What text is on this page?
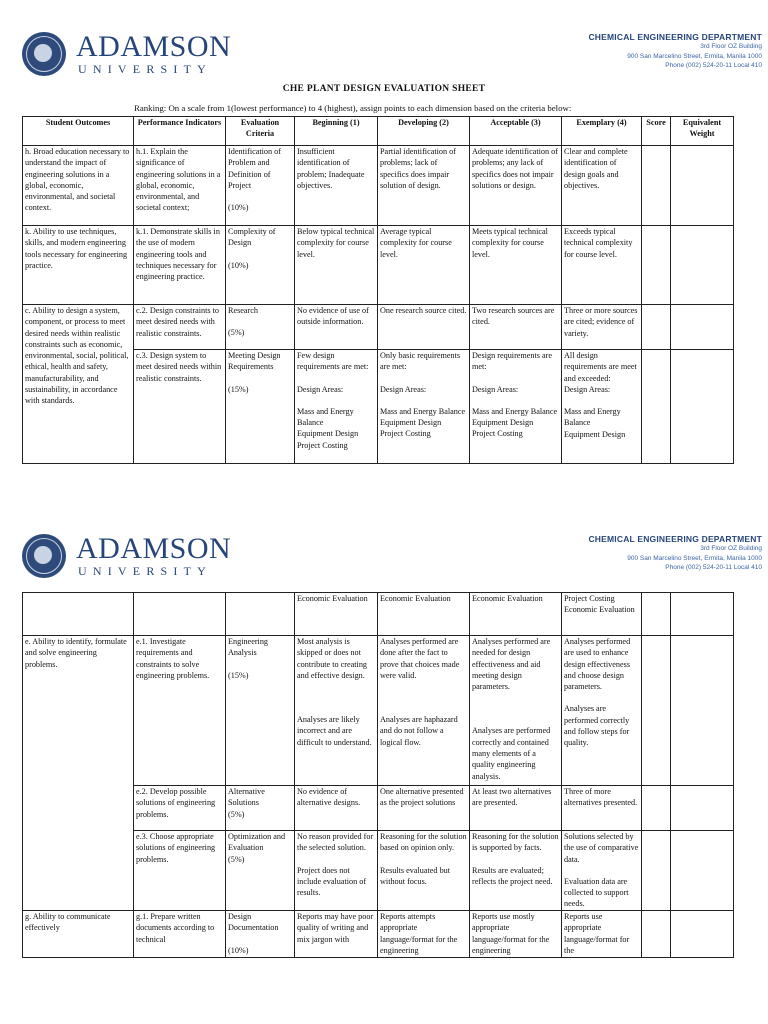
ADAMSON
UNIVERSITY
CHEMICAL ENGINEERING DEPARTMENT
3rd Floor OZ Building
900 San Marcelino Street, Ermita, Manila 1000
Phone (002) 524-20-11 Local 410
CHE PLANT DESIGN EVALUATION SHEET
Ranking: On a scale from 1(lowest performance) to 4 (highest), assign points to each dimension based on the criteria below:
Student Outcomes	Performance Indicators	Evaluation Criteria	Beginning (1)	Developing (2)	Acceptable (3)	Exemplary (4)	Score	Equivalent Weight
h. Broad education necessary to understand the impact of engineering solutions in a global, economic, environmental, and societal context.	h.1. Explain the significance of engineering solutions in a global, economic, environmental, and societal context;	Identification of Problem and Definition of Project
(10%)	Insufficient identification of problem; Inadequate objectives.	Partial identification of problems; lack of specifics does impair solution of design.	Adequate identification of problems; any lack of specifics does not impair solutions or design.	Clear and complete identification of design goals and objectives.		
k. Ability to use techniques, skills, and modern engineering tools necessary for engineering practice.	k.1. Demonstrate skills in the use of modern engineering tools and techniques necessary for engineering practice.	Complexity of Design
(10%)	Below typical technical complexity for course level.	Average typical complexity for course level.	Meets typical technical complexity for course level.	Exceeds typical technical complexity for course level.		
c. Ability to design a system, component, or process to meet desired needs within realistic constraints such as economic, environmental, social, political, ethical, health and safety, manufacturability, and sustainability, in accordance with standards.	c.2. Design constraints to meet desired needs with realistic constraints.	Research
(5%)	No evidence of use of outside information.	One research source cited.	Two research sources are cited.	Three or more sources are cited; evidence of variety.		
	c.3. Design system to meet desired needs within realistic constraints.	Meeting Design Requirements
(15%)	Few design requirements are met:
Design Areas:
Mass and Energy Balance
Equipment Design
Project Costing	Only basic requirements are met:
Design Areas:
Mass and Energy Balance
Equipment Design
Project Costing	Design requirements are met:
Design Areas:
Mass and Energy Balance
Equipment Design
Project Costing	All design requirements are meet and exceeded:
Design Areas:
Mass and Energy Balance
Equipment Design		
ADAMSON
UNIVERSITY
CHEMICAL ENGINEERING DEPARTMENT
3rd Floor OZ Building
900 San Marcelino Street, Ermita, Manila 1000
Phone (002) 524-20-11 Local 410
			Economic Evaluation	Economic Evaluation	Economic Evaluation	Project Costing
Economic Evaluation		
e. Ability to identify, formulate and solve engineering problems.	e.1. Investigate requirements and constraints to solve engineering problems.	Engineering Analysis
(15%)	Most analysis is skipped or does not contribute to creating and effective design.
Analyses are likely incorrect and are difficult to understand.	Analyses performed are done after the fact to prove that choices made were valid.
Analyses are haphazard and do not follow a logical flow.	Analyses performed are needed for design effectiveness and aid meeting design parameters.
Analyses are performed correctly and contained many elements of a quality engineering analysis.	Analyses performed are used to enhance design effectiveness and choose design parameters.
Analyses are performed correctly and follow steps for quality.		
	e.2. Develop possible solutions of engineering problems.	Alternative Solutions
(5%)	No evidence of alternative designs.	One alternative presented as the project solutions	At least two alternatives are presented.	Three of more alternatives presented.		
	e.3. Choose appropriate solutions of engineering problems.	Optimization and Evaluation
(5%)	No reason provided for the selected solution.
Project does not include evaluation of results.	Reasoning for the solution based on opinion only.
Results evaluated but without focus.	Reasoning for the solution is supported by facts.
Results are evaluated; reflects the project need.	Solutions selected by the use of comparative data.
Evaluation data are collected to support needs.		
g. Ability to communicate effectively	g.1. Prepare written documents according to technical	Design Documentation
(10%)	Reports may have poor quality of writing and mix jargon with	Reports attempts appropriate language/format for the engineering	Reports use mostly appropriate language/format for the engineering	Reports use appropriate language/format for the		
